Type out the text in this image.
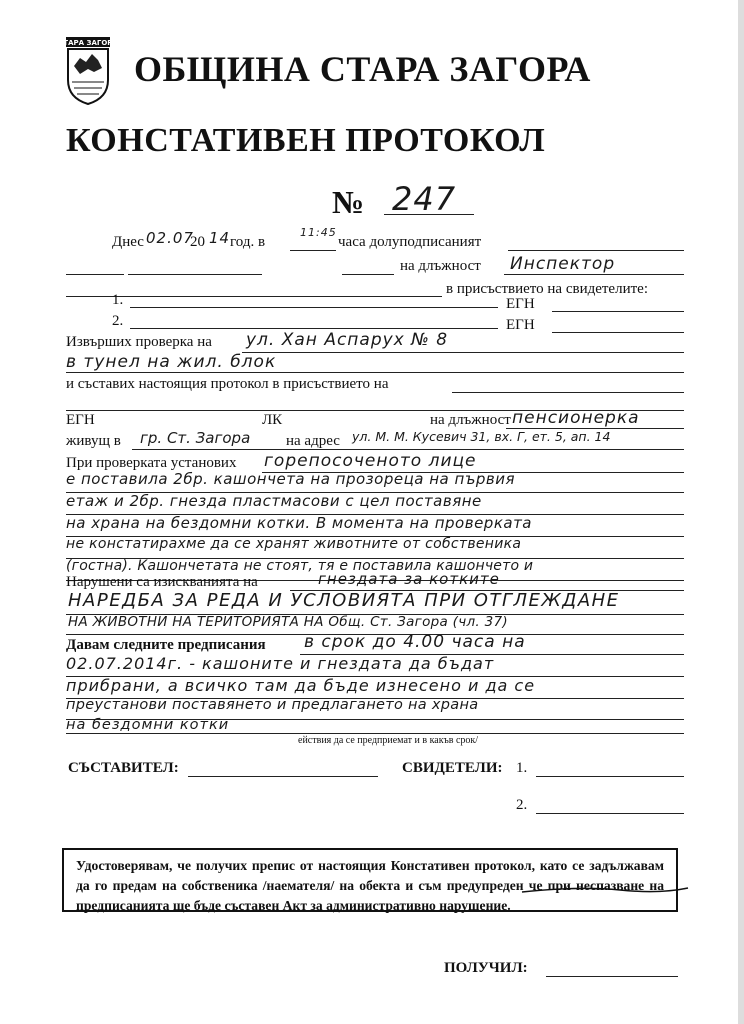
СТАРА ЗАГОРА
ОБЩИНА СТАРА ЗАГОРА
КОНСТАТИВЕН ПРОТОКОЛ
№ 247
Днес 02.07
20 14 год. в
11:45
часа долуподписаният
на длъжност Инспектор
в присъствието на свидетелите:
1.	ЕГН
2.	ЕГН
Извърших проверка на ул. Хан Аспарух № 8
в тунел на жил. блок
и съставих настоящия протокол в присъствието на
ЕГН	ЛК	на длъжност пенсионерка
живущ в гр. Ст. Загора на адрес ул. М. М. Кусевич 31, вх. Г, ет. 5, ап. 14
При проверката установих горепосоченото лице
е поставила 2бр. кашончета на прозореца на първия
етаж и 2бр. гнезда пластмасови с цел поставяне
на храна на бездомни котки. В момента на проверката
не констатирахме да се хранят животните от собственика
(гостна). Кашончетата не стоят, тя е поставила кашончето и
Нарушени са изискванията на	гнездата за котките
НАРЕДБА ЗА РЕДА И УСЛОВИЯТА ПРИ ОТГЛЕЖДАНЕ
НА ЖИВОТНИ НА ТЕРИТОРИЯТА НА Общ. Ст. Загора (чл. 37)
Давам следните предписания в срок до 4.00 часа на
02.07.2014г. - кашоните и гнездата да бъдат
прибрани, а всичко там да бъде изнесено и да се
преустанови поставянето и предлагането на храна
на бездомни котки
ействия да се предприемат и в какъв срок/
СЪСТАВИТЕЛ:	СВИДЕТЕЛИ: 1.
2.

Удостоверявам, че получих препис от настоящия Констативен протокол, като се задължавам да го предам на собственика /наемателя/ на обекта и съм предупреден че при неспазване на предписанията ще бъде съставен Акт за административно нарушение.

ПОЛУЧИЛ:
